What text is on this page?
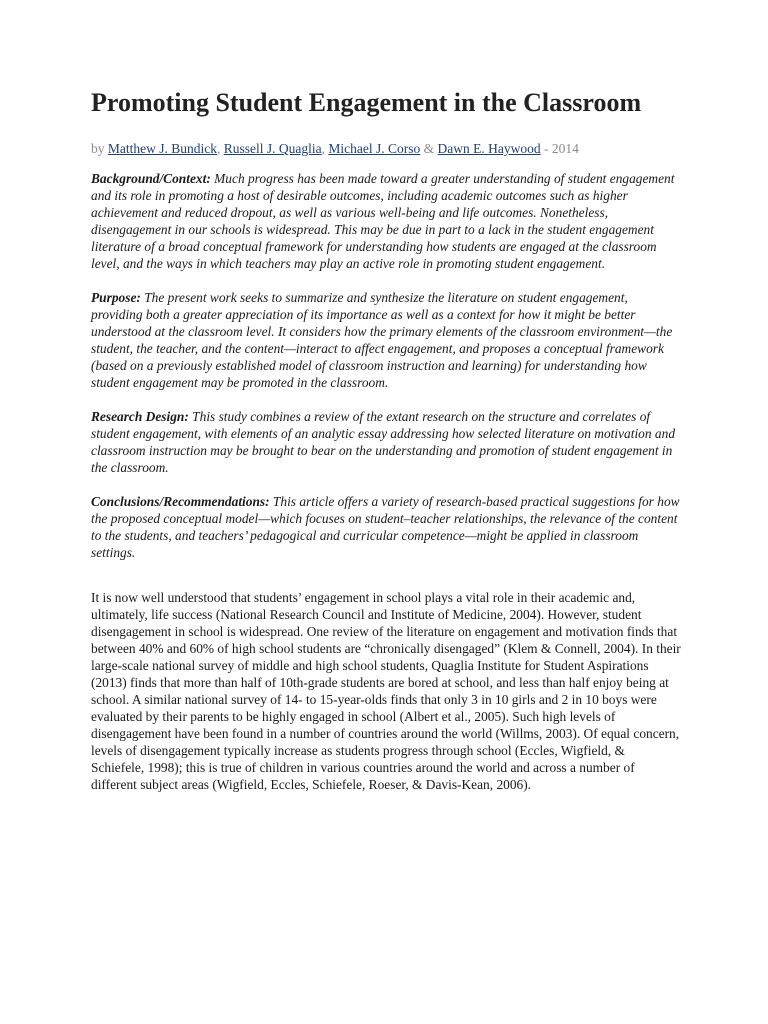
Promoting Student Engagement in the Classroom
by Matthew J. Bundick, Russell J. Quaglia, Michael J. Corso & Dawn E. Haywood - 2014

Background/Context: Much progress has been made toward a greater understanding of student engagement and its role in promoting a host of desirable outcomes, including academic outcomes such as higher achievement and reduced dropout, as well as various well-being and life outcomes. Nonetheless, disengagement in our schools is widespread. This may be due in part to a lack in the student engagement literature of a broad conceptual framework for understanding how students are engaged at the classroom level, and the ways in which teachers may play an active role in promoting student engagement.

Purpose: The present work seeks to summarize and synthesize the literature on student engagement, providing both a greater appreciation of its importance as well as a context for how it might be better understood at the classroom level. It considers how the primary elements of the classroom environment—the student, the teacher, and the content—interact to affect engagement, and proposes a conceptual framework (based on a previously established model of classroom instruction and learning) for understanding how student engagement may be promoted in the classroom.

Research Design: This study combines a review of the extant research on the structure and correlates of student engagement, with elements of an analytic essay addressing how selected literature on motivation and classroom instruction may be brought to bear on the understanding and promotion of student engagement in the classroom.

Conclusions/Recommendations: This article offers a variety of research-based practical suggestions for how the proposed conceptual model—which focuses on student–teacher relationships, the relevance of the content to the students, and teachers’ pedagogical and curricular competence—might be applied in classroom settings.

It is now well understood that students’ engagement in school plays a vital role in their academic and, ultimately, life success (National Research Council and Institute of Medicine, 2004). However, student disengagement in school is widespread. One review of the literature on engagement and motivation finds that between 40% and 60% of high school students are “chronically disengaged” (Klem & Connell, 2004). In their large-scale national survey of middle and high school students, Quaglia Institute for Student Aspirations (2013) finds that more than half of 10th-grade students are bored at school, and less than half enjoy being at school. A similar national survey of 14- to 15-year-olds finds that only 3 in 10 girls and 2 in 10 boys were evaluated by their parents to be highly engaged in school (Albert et al., 2005). Such high levels of disengagement have been found in a number of countries around the world (Willms, 2003). Of equal concern, levels of disengagement typically increase as students progress through school (Eccles, Wigfield, & Schiefele, 1998); this is true of children in various countries around the world and across a number of different subject areas (Wigfield, Eccles, Schiefele, Roeser, & Davis-Kean, 2006).
